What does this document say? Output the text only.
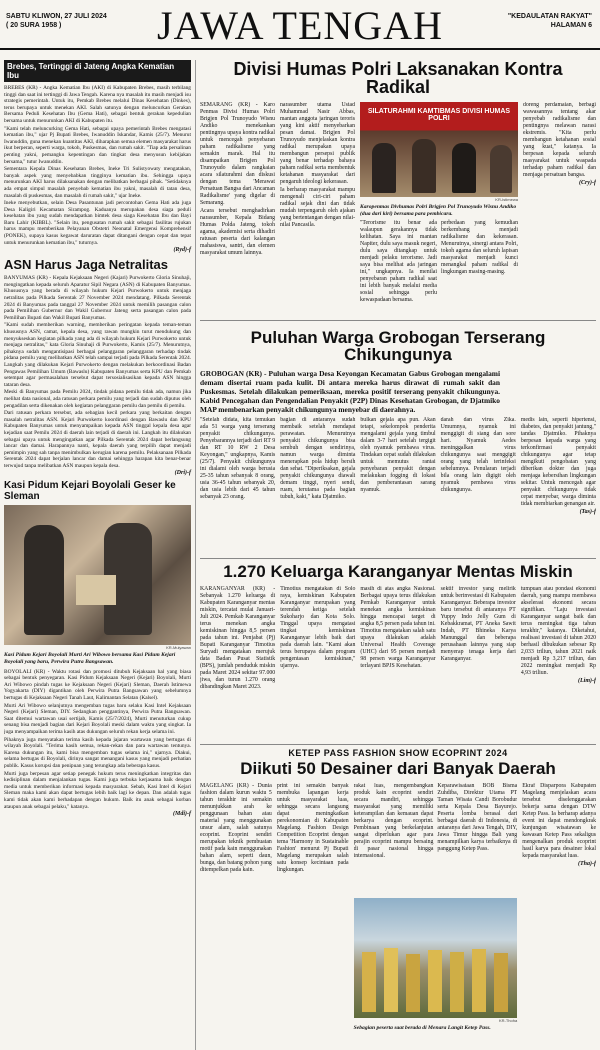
SABTU KLIWON, 27 JULI 2024
( 20 SURA 1958 )	JAWA TENGAH	"KEDAULATAN RAKYAT"
HALAMAN 6
Brebes, Tertinggi di Jateng Angka Kematian Ibu

BREBES (KR) - Angka Kematian Ibu (AKI) di Kabupaten Brebes, masih terbilang tinggi dan saat ini tertinggi di Jawa Tengah. Karena nya masalah itu masih menjadi isu strategis pemerintah. Untuk itu, Pemkab Brebes melalui Dinas Kesehatan (Dinkes), terus berupaya untuk menekan AKI. Salah satunya dengan meluncurkan Gerakan Bersama Peduli Kesehatan Ibu (Gema Hati), sebagai bentuk gerakan kepedulian bersama untuk menurunkan AKI di Kabupaten itu.

"Kami telah meluncurking Gema Hati, sebagai upaya pemerintah Brebes mengatasi kematian ibu," ujar Pj Bupati Brebes, Iwanuddin Iskandar, Kamis (25/7). Menurut Iwanuddin, guna menekan kuantitas AKI, diharapkan semua elemen masyarakat harus ikut berperan, seperti warga, tokoh, Puskesmas, dan rumah sakit. "Tiap ada persalinan penting yakni, pemangku kepentingan dan tingkat desa menyusun kebijakan bersama," tutur Iwanuddin.

Sementara Kepala Dinas Kesehatan Brebes, Ineke Tri Sulistyowaty mengatakan, banyak aspek yang menyebabkan tingginya kematian ibu. Sehingga upaya menurunkan AKI harus dilaksanakan dengan melibatkan berbagai pihak. "Setidaknya ada empat simpul masalah penyebab kematian ibu yakni, masalah di tatan desa, masalah di puskesmas, dan masalah di rumah sakit," ujar Ineke.

Ineke menyebutkan, selain Desa Pasantunan jadi percontohan Gema Hati ada juga Desa Kaligiri Kecamatan Sirampog. Kaduanya merupakan desa siaga peduli kesehatan ibu yang sudah mendapatkan bimtek desa siaga Kesehatan Ibu dan Bayi Baru Lahir (KIBBL). "Selain itu, pengusatan rumah sakit sebagai fasilitas rujukan harus mampu memberikan Pelayanan Obstetri Neonatal Emergensi Komprehensif (PONEK), supaya kasus kegawat daruratan dapat ditangani dengan cepat dan tepat untuk menurunkan kematian ibu," tuturnya.

(Ryd)-f
ASN Harus Jaga Netralitas

BANYUMAS (KR) - Kepala Kejaksaan Negeri (Kajari) Purwokerto Gloria Sinuhaji, mengingatkan kepada seluruh Aparatur Sipil Negara (ASN) di Kabupaten Banyumas. Khususnya yang berada di wilayah hukum Kejari Purwokerto untuk menjaga netralitas pada Pilkada Serentak 27 November 2024 mendatang. Pilkada Serentak 2024 di Banyumas pada tanggal 27 November 2024 untuk memilih pasangan calon pada Pemilihan Gubernur dan Wakil Gubernur Jateng serta pasangan calon pada Pemilihan Bupati dan Wakil Bupati Banyumas.

"Kami sudah memberikan warning, memberikan peringatan kepada teman-teman khususnya ASN, camat, kepala desa, yang rawan mungkin turut mendukung dan menyukseskan kegiatan pilkada yang ada di wilayah hukum Kejari Purwokerto untuk menjaga netralitas," kata Gloria Sinuhaji di Purwokerto, Kamis (25/7). Menurutnya, pihaknya sudah mengantisipasi berbagai pelanggaran pelanggaran terhadap tindak pidana pemilu yang melibatkan ASN telah sampai terjadi pada Pilkada Serentak 2024. Langkah yang dilakukan Kejari Purwokerto dengan melakukan berkoordinasi Badan Pengawas Pemilihan Umum (Bawaslu) Kabupaten Banyumas serta KPU dan Pemkab setempat agar permasalahan tersebut dapat tersosialisasikan kepada ASN hingga tataran desa.

Meski di Banyumas pada Pemilu 2024, tindak pidana pemilu tidak ada, namun jika melihat data nasional, ada ratusan perkara pemilu yang terjadi dan sudah diputus oleh pengadilan serta dikenakan oleh kegiatan pelanggaran pemilu dan pemilu di pemilu.

Dari ratusan perkara tersebut, ada sebagian kecil perkara yang berkaitan dengan masalah netralitas ASN. Kejari Purwokerto koordinasi dengan Bawaslu dan KPU Kabupaten Banyumas untuk menyampaikan kepada ASN tinggal kepala desa agar kejadian saat Pemilu 2024 di daerah lain terjadi di daerah ini. Langkah itu dilakukan sebagai upaya untuk mengingatkan agar Pilkada Serentak 2024 dapat berlangsung lancar dan damai. Harapannya nanti, kepala daerah yang terpilih dapat menjadi pemimpin yang sah tanpa menimbulkan kerugian karena pemilu. Pelaksanaan Pilkada Serentak 2024 dapat berjalan lancar dan damai sehingga harapan kita benar-benar terwujud tanpa melibatkan ASN maupun kepala desa.

(Dri)-f
Kasi Pidum Kejari Boyolali Geser ke Sleman
KR-Mulyawan
Kasi Pidum Kejari Boyolali Murti Ari Wibowo bersama Kasi Pidum Kejari Boyolali yang baru, Perwira Putra Bangsawan.

BOYOLALI (KR) - Waktu rotasi dan promosi ditubuh Kejaksaan hal yang biasa sebagai bentuk penyegaran. Kasi Pidum Kejaksaan Negeri (Kejari) Boyolali, Murti Ari Wibowo pindah tugas ke Kejaksaan Negeri (Kejari) Sleman, Daerah Istimewa Yogyakarta (DIY) digantikan oleh Perwira Putra Bangsawan yang sebelumnya bertugas di Kejaksaan Negeri Tanah Laut, Kalimantan Selatan (Kalsel).

Murti Ari Wibowo selanjutnya mengemban tugas baru selaku Kasi Intel Kejaksaan Negeri (Kejari) Sleman, DIY. Sedangkan penggantinya, Perwira Putra Bangsawan. Saat ditemui wartawan usai sertijab, Kamis (25/7/2024), Murti menuturkan cukup senang bisa menjadi bagian dari Kejari Boyolali meski dalam waktu yang singkat. Ia juga menyampaikan terima kasih atas dukungan seluruh rekan kerja selama ini.

Pihaknya juga menyatakan terima kasih kepada jajaran wartawan yang bertugas di wilayah Boyolali. "Terima kasih semua, rekan-rekan dan para wartawan tentunya. Karena dukungan itu, kami bisa mengemban tugas selama ini," ujarnya. Diakui, selama bertugas di Boyolali, dirinya sangat menangani kasus yang menjadi perhatian publik. Kasus korupsi dan penipuan yang terungkap ada beberapa kasus.

Murti juga berpesan agar setiap penegak hukum terus meningkatkan integritas dan kedisiplinan dalam menjalankan tugas. Kami juga terbuka kerjasama baik dengan media untuk memberikan informasi kepada masyarakat. Sebab, Kasi Intel di Kejari Sleman maka kami akan dapat bertugas lebih baik lagi ke depan. Dan adalah tugas kami tidak akan kami berhadapan dengan hukum. Baik itu anak sebagai korban ataupun anak sebagai pelaku," katanya.

(Mdi)-f
Divisi Humas Polri Laksanakan Kontra Radikal

SEMARANG (KR) - Karo Penmas Divisi Humas Polri Brigjen Pol Trunoyudo Wisnu Andiko menekankan pentingnya upaya kontra radikal untuk mencegah penyebaran paham radikalisme yang semakin marak. Hal itu disampaikan Brigjen Pol Trunoyudo dalam rangkaian acara silaturahmi dan diskusi dengan tema 'Merawat Persatuan Bangsa dari Ancaman Radikalisme' yang digelar di Semarang.

Acara tersebut menghadirkan narasumber, Kepala Bidang Humas Polda Jateng, tokoh agama, akademisi serta dihadiri ratusan peserta dari kalangan mahasiswa, santri, dan elemen masyarakat umum lainnya.

narasumber utama Ustad Muhammad Nasir Abbas, mantan anggota jaringan teroris yang kini aktif menyebarkan pesan damai. Brigjen Pol Trunoyudo menjelaskan kontra radikal merupakan upaya membangun persepsi publik yang benar terhadap bahaya paham radikal serta membentuk ketahanan masyarakat dari pengaruh ideologi kekerasan.

Ia berharap masyarakat mampu mengenali ciri-ciri paham radikal sejak dini dan tidak mudah terpengaruh oleh ajakan yang bertentangan dengan nilai-nilai Pancasila.

SILATURAHMI KAMTIBMAS DIVISI HUMAS POLRI
KR-Istimewa
Karopenmas Divhumas Polri Brigjen Pol Trunoyudo Wisnu Andiko (dua dari kiri) bersama para pembicara.

"Terorisme itu benar ada walaupun gerakannya tidak kelihatan. Saya ini mantan Napiter, dulu saya masuk negeri, dulu saya ditangkap untuk menjadi pelaku terorisme. Jadi saya bisa melihat ada jaringan ini," ungkapnya. Ia menilai penyebaran paham radikal saat ini lebih banyak melalui media sosial sehingga perlu kewaspadaan bersama.

perbedaan yang kemudian berkembang menjadi radikalisme dan kekerasan. Menurutnya, sinergi antara Polri, tokoh agama dan seluruh lapisan masyarakat menjadi kunci menangkal paham radikal di lingkungan masing-masing.

doreng perdamaian, berbagi wawasannya tentang akar penyebab radikalisme dan pentingnya melawan narasi ekstremis. "Kita perlu membangun ketahanan sosial yang kuat," katanya. Ia berpesan kepada seluruh masyarakat untuk waspada terhadap paham radikal dan menjaga persatuan bangsa.

(Cry)-f
Puluhan Warga Grobogan Terserang Chikungunya

GROBOGAN (KR) - Puluhan warga Desa Keyongan Kecamatan Gabus Grobogan mengalami demam disertai ruam pada kulit. Di antara mereka harus dirawat di rumah sakit dan Puskesmas. Setelah dilakukan pemeriksaan, mereka positif terserang penyakit chikungunya. Kabid Pencegahan dan Pengendalian Penyakit (P2P) Dinas Kesehatan Grobogan, dr Djatmiko MAP membenarkan penyakit chikungunya menyebar di daerahnya.

"Setelah didata, kita temukan ada 51 warga yang terserang penyakit chikungunya. Penyebarannya terjadi dari RT 9 dan RT 10 RW 2 Desa Keyongan," ungkapnya, Kamis (25/7). Penyakit chikungunya ini dialami oleh warga berusia 25-35 tahun sebanyak 8 orang, usia 36-45 tahun sebanyak 20, dan usia lebih dari 45 tahun sebanyak 23 orang.

bagian di antaranya sudah membaik setelah mendapat perawatan. Menurutnya penyakit chikungunya bisa sembuh dengan sendirinya, namun warga diminta menerapkan pola hidup bersih dan sehat. "Diperiksakan, gejala penyakit chikungunya diawali demam tinggi, nyeri sendi, ruam, terutama pada bagian tubuh, kaki," kata Djatmiko.

bulkan gejala apa pun. Akan tetapi, sekelompok penderita mengalami gejala yang timbul dalam 3-7 hari setelah tergigit oleh nyamuk pembawa virus. Tindakan cepat sudah dilakukan untuk memutus rantai penyebaran penyakit dengan melakukan fogging di lokasi dan pemberantasan sarang nyamuk.

darah dan virus Zika. Umumnya, nyamuk ini menggigit di siang dan sore hari. Nyamuk Aedes meninggalkan virus chikungunya saat menggigit orang yang telah terinfeksi sebelumnya. Penularan terjadi bila orang lain digigit oleh nyamuk pembawa virus chikungunya.

medis lain, seperti hipertensi, diabetes, dan penyakit jantung," tandas Djatmiko. Pihaknya berpesan kepada warga yang terkonfirmasi penyakit chikungunya agar tetap mengikuti pengobatan yang diberikan dokter dan juga menjaga kebersihan lingkungan sekitar. Untuk mencegah agar penyakit chikungunya tidak cepat menyebar, warga diminta tidak membiarkan genangan air.

(Tas)-f
1.270 Keluarga Karanganyar Mentas Miskin

KARANGANYAR (KR) - Sebanyak 1.270 keluarga di Kabupaten Karanganyar mentas miskin, tercatat mulai Januari-Juli 2024. Pemkab Karanganyar terus menekan angka kemiskinan hingga 8,5 persen pada tahun ini. Penjabat (Pj) Bupati Karanganyar Timotius Suryadi mengatakan merujuk data Badan Pusat Statistik (BPS), jumlah penduduk miskin pada Maret 2024 sekitar 97.000 jiwa, dan turun 1.270 orang dibandingkan Maret 2023.

Timotius mengatakan di Solo raya, kemiskinan Kabupaten Karanganyar merupakan yang terendah ketiga setelah Sukoharjo dan Kota Solo. Tinggal upaya mengatasi tingkat kemiskinan Karanganyar lebih baik dari pada daerah lain. "Kami akan terus berupaya dalam program pengentasan kemiskinan," ujarnya.

masih di atas angka Nasional. Berbagai upaya terus dilakukan Pemkab Karanganyar untuk menekan angka kemiskinan hingga mencapai target di angka 8,5 persen pada tahun ini. Timotius mengatakan salah satu upaya dilakukan adalah Universal Health Coverage (UHC) dari 95 persen menjadi 98 persen warga Karanganyar terlayani BPJS Kesehatan.

sektif investor yang melirik untuk berinvestasi di Kabupaten Karanganyar. Beberapa investor baru tersebut di antaranya PT Yuppy Indo Jelly Gum di Kebakkramat, PT Aneka Sawit Indah, PT Bhineka Karya Manunggal dan beberapa perusahaan lainnya yang siap menyerap tenaga kerja dari Karanganyar.

tumpuan atau pondasi ekonomi daerah, yang mampu membawa akselerasi ekonomi secara signifikan. "Laju investasi Karanganyar sangat baik dan terus meningkat tiga tahun terakhir," katanya. Diketahui, realisasi investasi di tahun 2020 berhasil dibukukan sebesar Rp 2,033 triliun, tahun 2021 naik menjadi Rp 3,217 triliun, dan 2022 meningkat menjadi Rp 4,93 triliun.

(Lim)-f
KETEP PASS FASHION SHOW ECOPRINT 2024
Diikuti 50 Desainer dari Banyak Daerah

MAGELANG (KR) - Dunia fashion dalam kurun waktu 5 tahun terakhir ini semakin menunjukkan arah ke penggunaan bahan atau material yang menggunakan unsur alam, salah satunya ecoprint. Ecoprint sendiri merupakan teknik pembuatan motif pada kain menggunakan bahan alam, seperti daun, bunga, dan batang pohon yang ditempelkan pada kain.

print ini semakin banyak membuka lapangan kerja untuk masyarakat luas, sehingga secara langsung dapat meningkatkan perekonomian di Kabupaten Magelang. Fashion Design Competition Ecoprint dengan tema 'Harmony in Sustainable Fashion' menurut Pj Bupati Magelang merupakan salah satu konsep kecintaan pada lingkungan.

rakat luas, mengembangkan produk kain ecoprint sendiri secara mandiri, sehingga masyarakat yang memiliki keterampilan dan kemauan dapat berkarya dengan ecoprint. Pembinaan yang berkelanjutan sangat diperlukan agar para perajin ecoprint mampu bersaing di pasar nasional hingga internasional.

Keparawisataan BOB Bisma Zuhdiba, Direktur Utama PT Taman Wisata Candi Borobudur serta Kepala Desa Bayurejo. Peserta lomba berasal dari berbagai daerah di Indonesia, di antaranya dari Jawa Tengah, DIY, Jawa Timur hingga Bali yang menampilkan karya terbaiknya di panggung Ketep Pass.

KR-Thoha
Sebagian peserta saat berada di Menara Langit Ketep Pass.

Ekraf Disparpora Kabupaten Magelang menjelaskan acara tersebut diselenggarakan bekerja sama dengan DTW Ketep Pass. Ia berharap adanya event ini dapat mendongkrak kunjungan wisatawan ke kawasan Ketep Pass sekaligus mengenalkan produk ecoprint hasil karya para desainer lokal kepada masyarakat luas.

(Tha)-f
